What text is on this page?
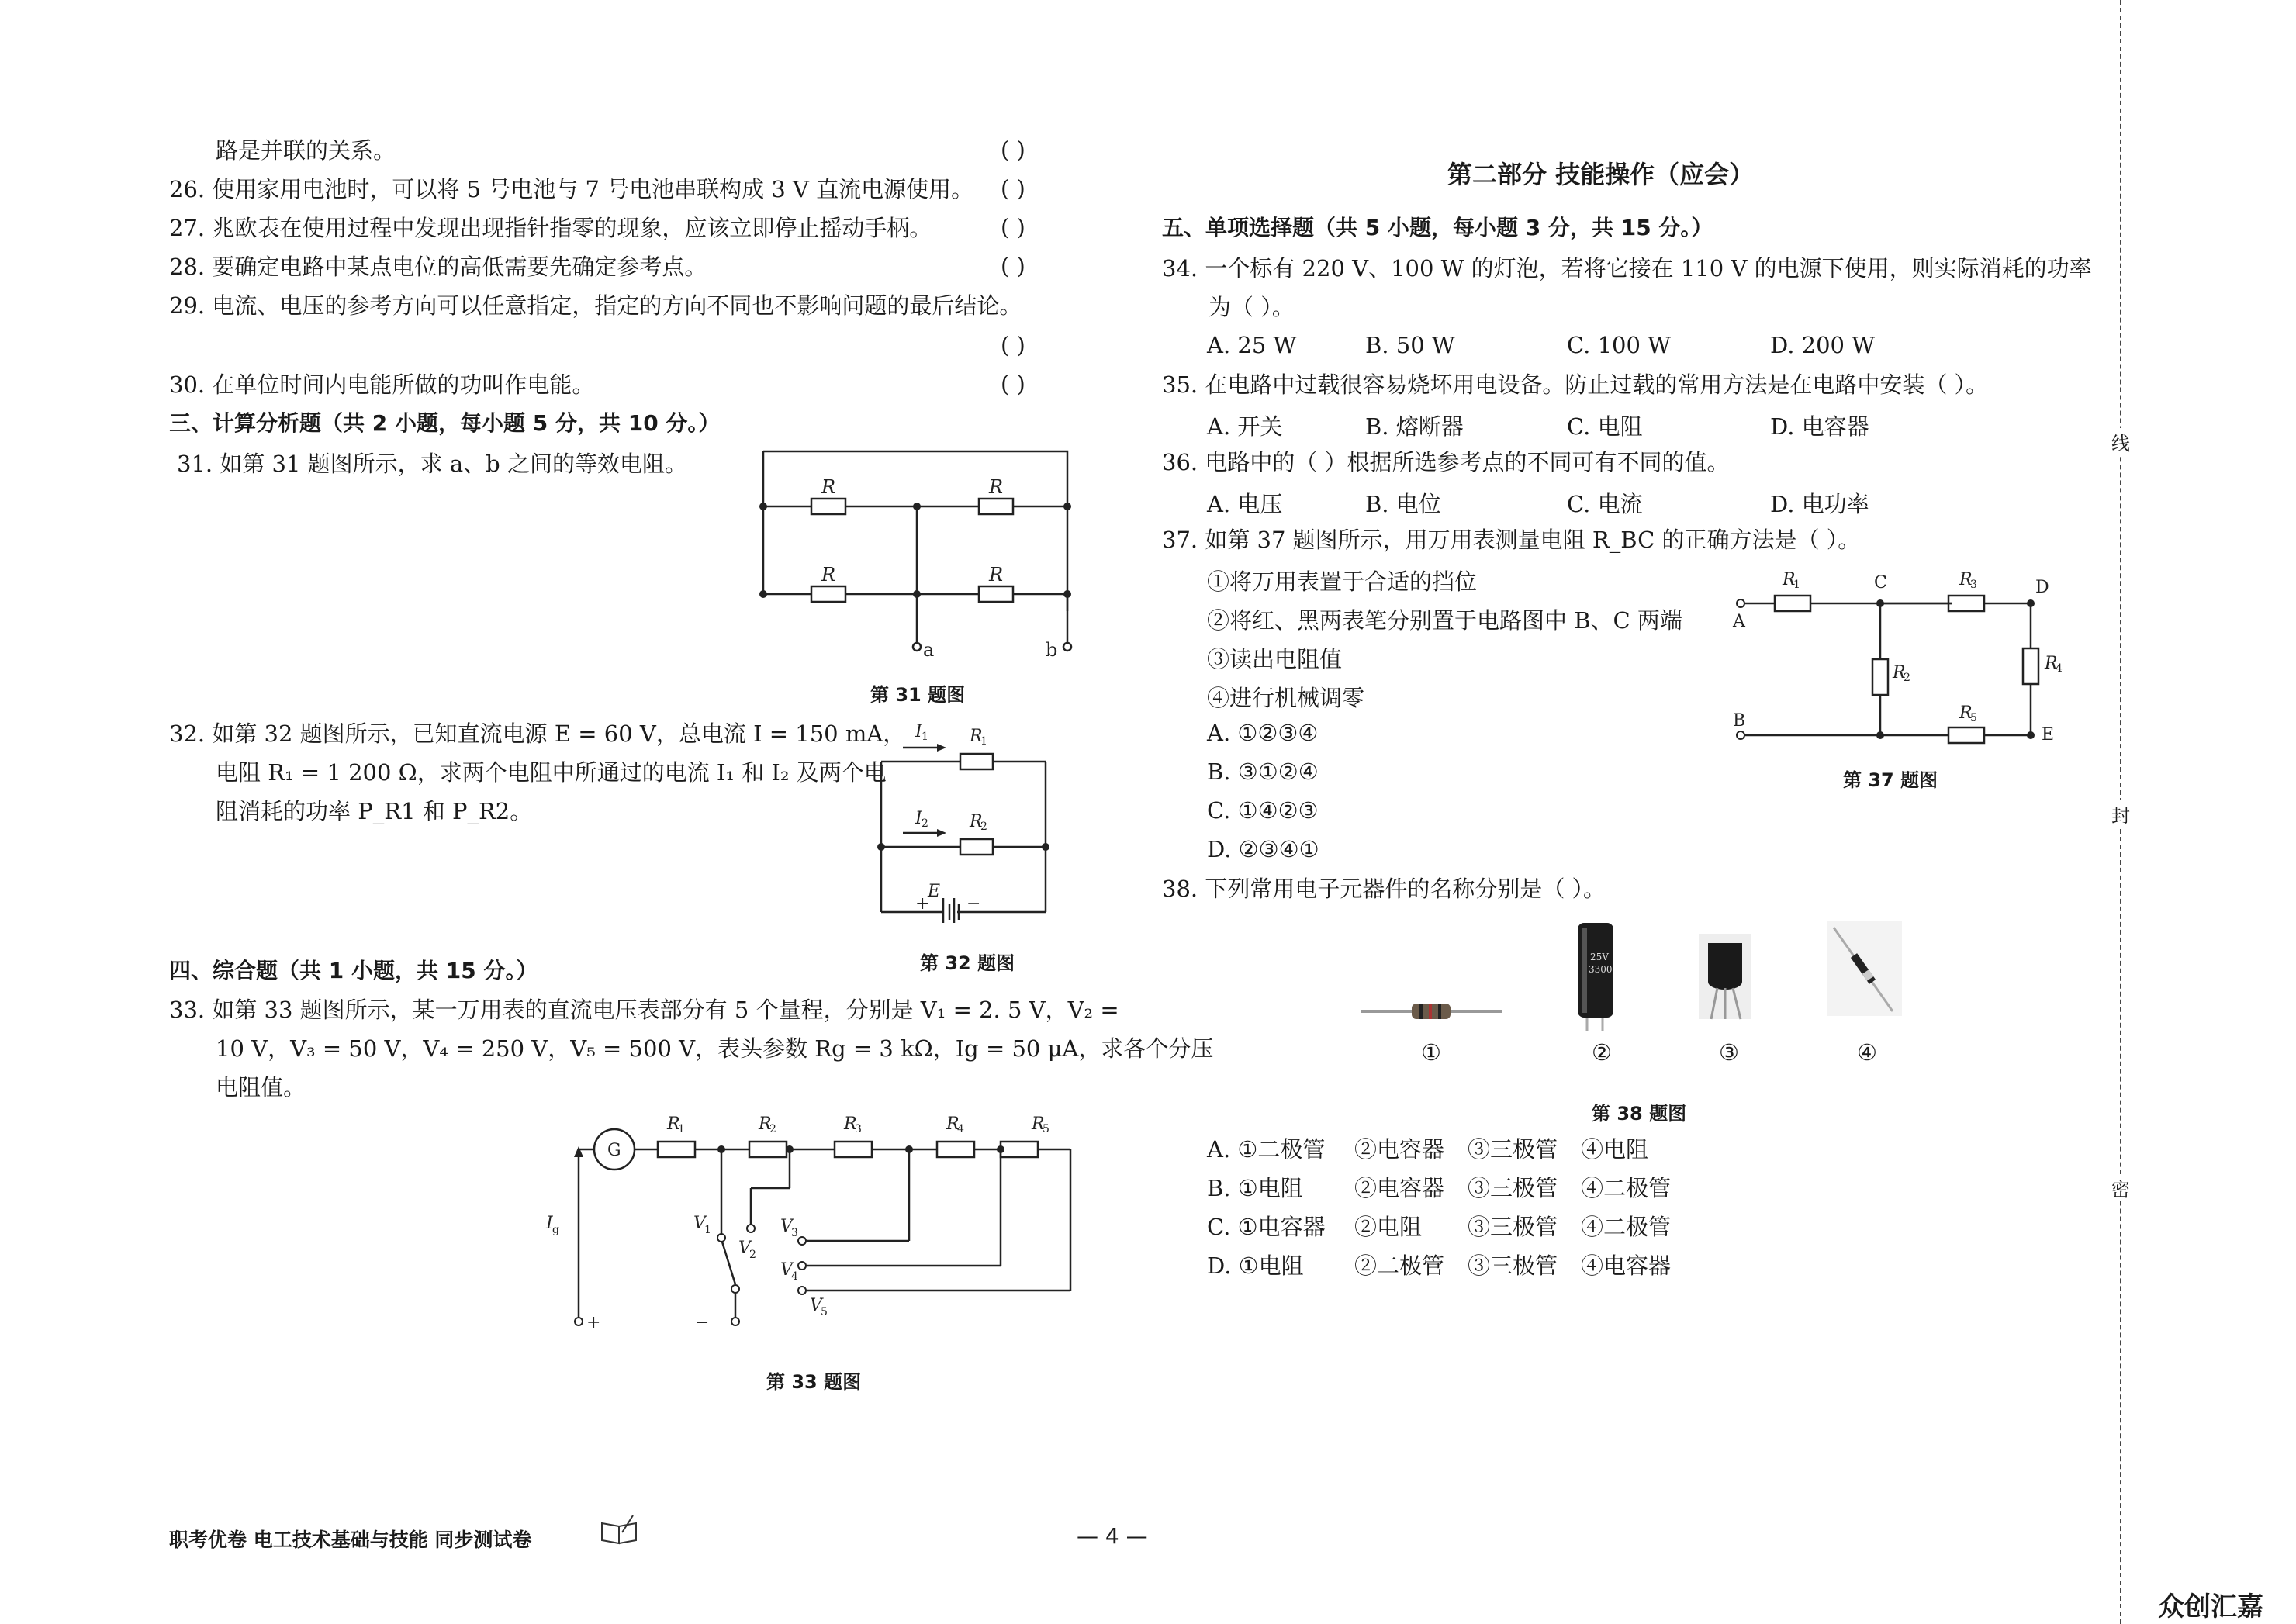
路是并联的关系。	( )
26. 使用家用电池时，可以将 5 号电池与 7 号电池串联构成 3 V 直流电源使用。 ( )
27. 兆欧表在使用过程中发现出现指针指零的现象，应该立即停止摇动手柄。	( )
28. 要确定电路中某点电位的高低需要先确定参考点。	( )
29. 电流、电压的参考方向可以任意指定，指定的方向不同也不影响问题的最后结论。
( )
30. 在单位时间内电能所做的功叫作电能。	( )
三、计算分析题（共 2 小题，每小题 5 分，共 10 分。）
31. 如第 31 题图所示，求 a、b 之间的等效电阻。
R	R
R	R
a	b
第 31 题图
32. 如第 32 题图所示，已知直流电源 E = 60 V，总电流 I = 150 mA，
电阻 R₁ = 1 200 Ω，求两个电阻中所通过的电流 I₁ 和 I₂ 及两个电
阻消耗的功率 P_R1 和 P_R2。
I 1 R
1
I 2 R
2
E
+ −
第 32 题图
四、综合题（共 1 小题，共 15 分。）
33. 如第 33 题图所示，某一万用表的直流电压表部分有 5 个量程，分别是 V₁ = 2. 5 V，V₂ =
10 V，V₃ = 50 V，V₄ = 250 V，V₅ = 500 V，表头参数 Rg = 3 kΩ，Ig = 50 μA，求各个分压
电阻值。
G
R
1	R
2	R
3	R
4	R
5
I g	V
1
V
2
V
3
V
4
V
5
+	−
第 33 题图
第二部分 技能操作（应会）
五、单项选择题（共 5 小题，每小题 3 分，共 15 分。）
34. 一个标有 220 V、100 W 的灯泡，若将它接在 110 V 的电源下使用，则实际消耗的功率
为（ ）。
A. 25 W	B. 50 W	C. 100 W	D. 200 W
35. 在电路中过载很容易烧坏用电设备。防止过载的常用方法是在电路中安装（ ）。
A. 开关	B. 熔断器	C. 电阻	D. 电容器
36. 电路中的（ ）根据所选参考点的不同可有不同的值。
A. 电压	B. 电位	C. 电流	D. 电功率
37. 如第 37 题图所示，用万用表测量电阻 R_BC 的正确方法是（ ）。
①将万用表置于合适的挡位
②将红、黑两表笔分别置于电路图中 B、C 两端
③读出电阻值
④进行机械调零
A. ①②③④
B. ③①②④
C. ①④②③
D. ②③④①
A
B
C	D
E
R
1	R
3
R
2
R
4
R
5
第 37 题图
38. 下列常用电子元器件的名称分别是（ ）。
25V
3300
①	②	③	④
第 38 题图
A. ①二极管 ②电容器 ③三极管 ④电阻
B. ①电阻 ②电容器 ③三极管 ④二极管
C. ①电容器 ②电阻 ③三极管 ④二极管
D. ①电阻 ②二极管 ③三极管 ④电容器
职考优卷 电工技术基础与技能 同步测试卷	— 4 —
线
封
密
众创汇嘉
